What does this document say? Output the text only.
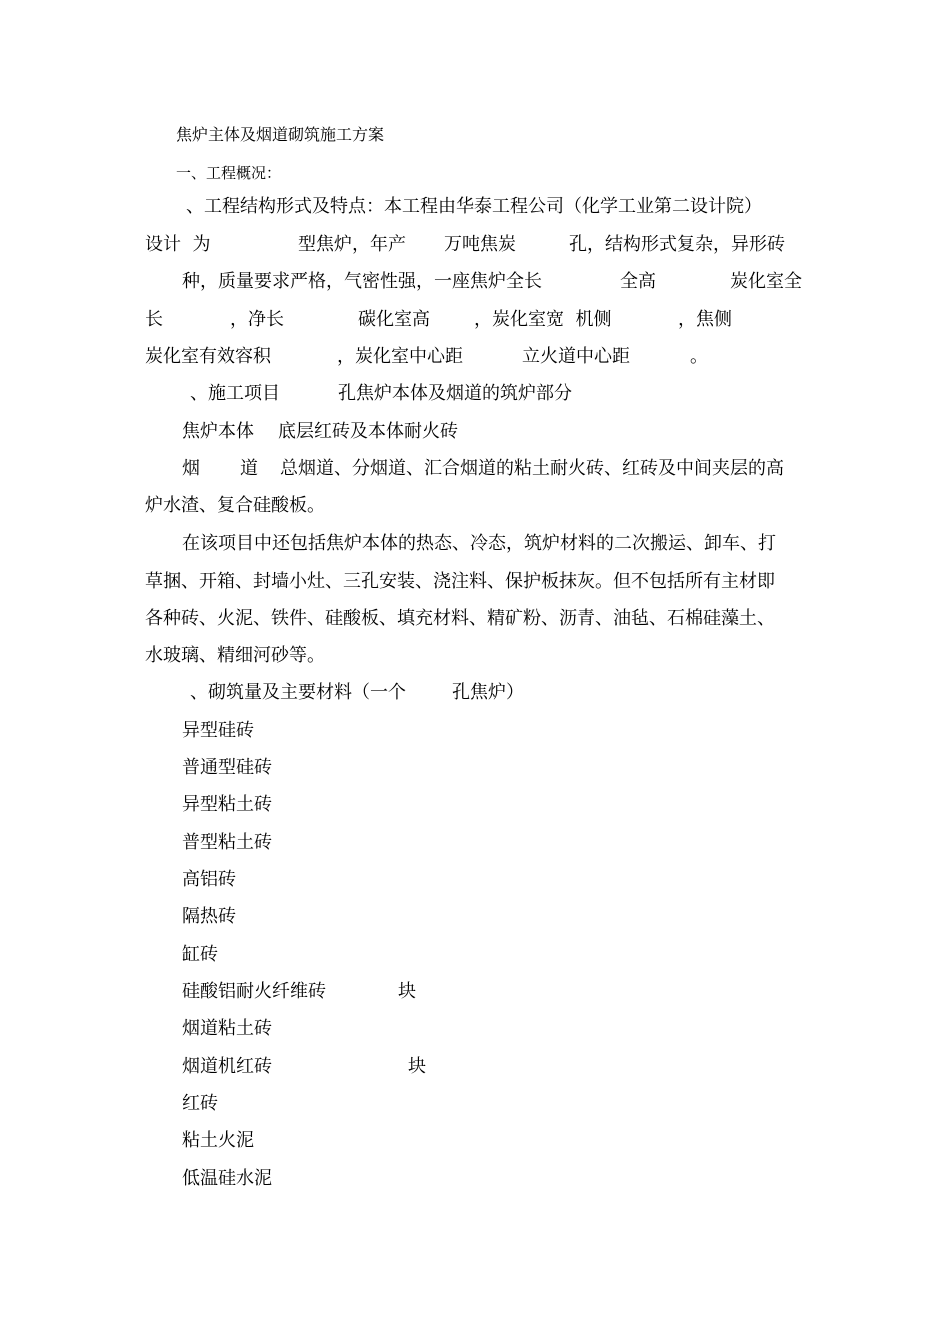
焦炉主体及烟道砌筑施工方案
一、工程概况：
、工程结构形式及特点：本工程由华泰工程公司（化学工业第二设计院）
设计  为	型焦炉，年产 万吨焦炭	孔，结构形式复杂，异形砖
种，质量要求严格，气密性强，一座焦炉全长	全高	炭化室全
长	，净长	碳化室高 ，炭化室宽  机侧	，焦侧
炭化室有效容积	，炭化室中心距	立火道中心距	。
、施工项目	孔焦炉本体及烟道的筑炉部分
焦炉本体 底层红砖及本体耐火砖
烟 道 总烟道、分烟道、汇合烟道的粘土耐火砖、红砖及中间夹层的高
炉水渣、复合硅酸板。
在该项目中还包括焦炉本体的热态、冷态，筑炉材料的二次搬运、卸车、打
草捆、开箱、封墙小灶、三孔安装、浇注料、保护板抹灰。但不包括所有主材即
各种砖、火泥、铁件、硅酸板、填充材料、精矿粉、沥青、油毡、石棉硅藻土、
水玻璃、精细河砂等。
、砌筑量及主要材料（一个	孔焦炉）
异型硅砖
普通型硅砖
异型粘土砖
普型粘土砖
高铝砖
隔热砖
缸砖
硅酸铝耐火纤维砖	块
烟道粘土砖
烟道机红砖	块
红砖
粘土火泥
低温硅水泥
